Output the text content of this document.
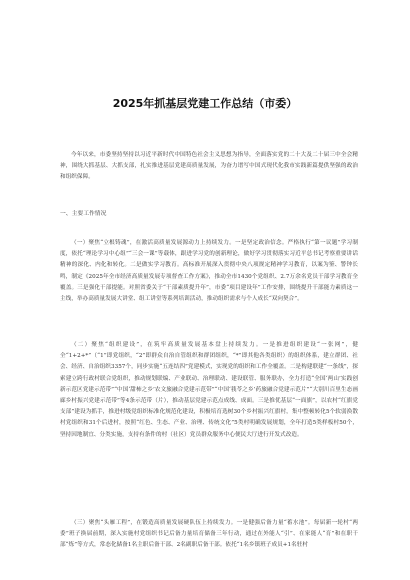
2025年抓基层党建工作总结（市委）

今年以来，市委坚持坚持以习近平新时代中国特色社会主义思想为指导，全面落实党的二十大及二十届三中全会精神，围绕大抓基层、大抓支部，扎实推进基层党建高质量发展，为奋力谱写中国式现代化我市实践新篇提供坚强的政治和组织保障。

一、主要工作情况

（一）聚焦“立根铸魂”，在激活高质量发展源动力上持续发力。一是坚定政治信念。严格执行“第一议题”学习制度，依托“理论学习中心组”“三会一课”等载体，跟进学习党的创新理论，做好学习贯彻落实习近平总书记考察重要讲话精神的深化、内化和转化。二是做实学习教育。高标准开展深入贯彻中央八项规定精神学习教育，以案为鉴、警钟长鸣，制定《2025年全市经济高质量发展专项督查工作方案》，推动全市1430个党组织、2.7万余名党员干部学习教育全覆盖。三是强化干部提能。对照省委关于“干部素质提升年”，市委“项目建设年”工作安排，围绕提升干部能力素质这一主线，举办高质量发展大讲堂、组工讲堂等系列培训活动，推动组织需求与个人成长“双向契合”。

（二）聚焦“组织建设”，在筑牢高质量发展基本盘上持续发力。一是推进组织建设“一张网”，健全“1+2+*”（“1”即党组织，“2”即群众自治自管组织和群团组织，“*”即其他各类组织）的组织体系，建立群团、社会、经济、自治组织3357个，同步实施“五连结四”党建模式，实现党的组织和工作全覆盖。二是构建联建“一条线”，探索建立跨行政村联合党组织，推动规划联编、产业联动、治理联动、建设联管、服务联办，全力打造“全国‘两山’实践创新示范区党建示范带”“中国‘甜柿之乡’农文旅融合党建示范带”“中国‘莪苓之乡’药旅融合党建示范片”“大别川百里生态画廊乡村振兴党建示范带”等4条示范带（片），推动基层党建示范点成线、成面。三是推优基层“一面旗”，以农村“红旗党支部”建设为抓手，推进村级党组织标准化规范化建设，积极培育选树30个乡村振兴红旗村，集中整顿转化5个软弱涣散村党组织和31个后进村，按照“红色、生态、产业、治理、传统文化”5类村明确发展规划，全年打造5类样板村50个，坚持因地制宜、分类实施，支持有条件的村（社区）党员群众服务中心便民大厅进行开发式改造。

（三）聚焦“头雁工程”，在锻造高质量发展硬队伍上持续发力。一是健强后备力量“蓄水池”。每届新一轮村“两委”班子换届前期，深入实施村党组织书记后备力量培育储备三年行动，通过在外能人“引”、在家能人“育”和在职干部“炼”等方式，常态化储备1名主职后备干部、2名副职后备干部。依托“1名乡镇班子成员+1名驻村
